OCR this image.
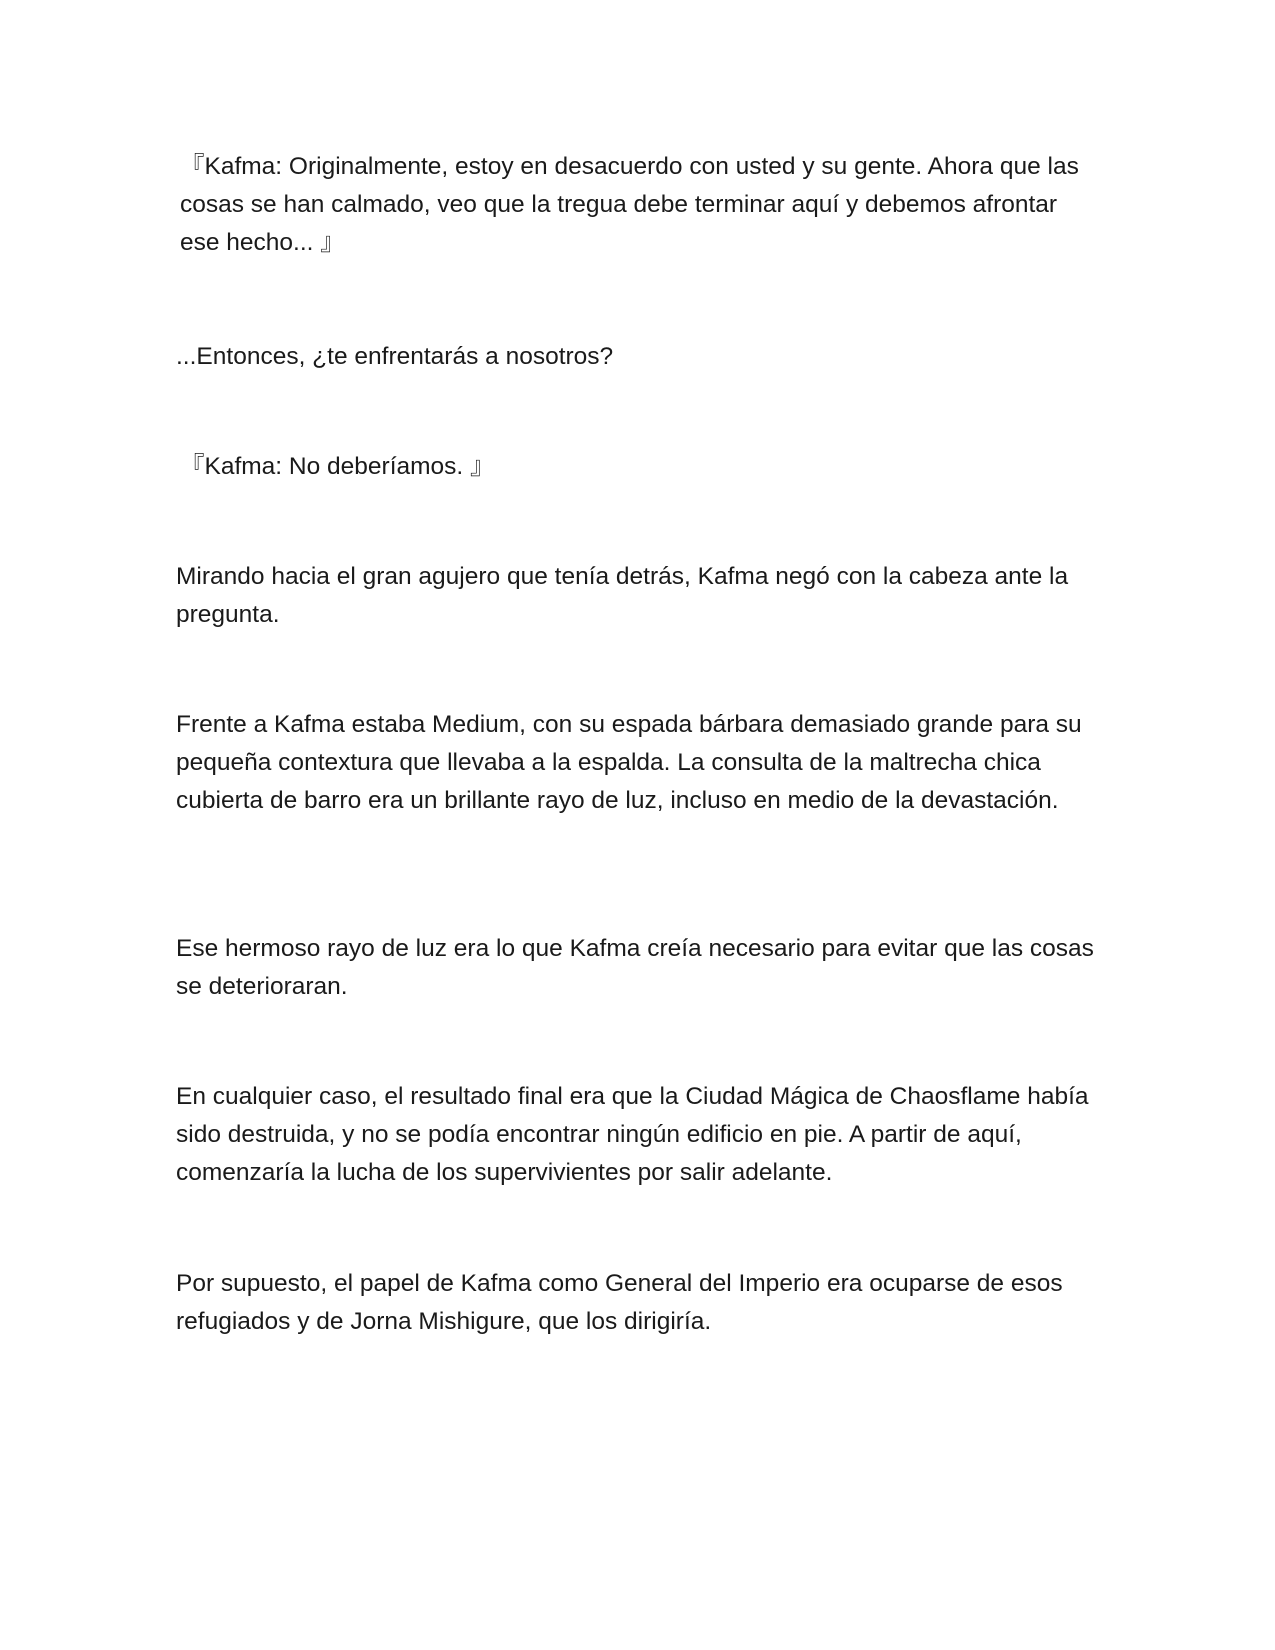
『Kafma: Originalmente, estoy en desacuerdo con usted y su gente. Ahora que las cosas se han calmado, veo que la tregua debe terminar aquí y debemos afrontar ese hecho... 』

...Entonces, ¿te enfrentarás a nosotros?

『Kafma: No deberíamos. 』

Mirando hacia el gran agujero que tenía detrás, Kafma negó con la cabeza ante la pregunta.

Frente a Kafma estaba Medium, con su espada bárbara demasiado grande para su pequeña contextura que llevaba a la espalda. La consulta de la maltrecha chica cubierta de barro era un brillante rayo de luz, incluso en medio de la devastación.

Ese hermoso rayo de luz era lo que Kafma creía necesario para evitar que las cosas se deterioraran.

En cualquier caso, el resultado final era que la Ciudad Mágica de Chaosflame había sido destruida, y no se podía encontrar ningún edificio en pie. A partir de aquí, comenzaría la lucha de los supervivientes por salir adelante.

Por supuesto, el papel de Kafma como General del Imperio era ocuparse de esos refugiados y de Jorna Mishigure, que los dirigiría.
